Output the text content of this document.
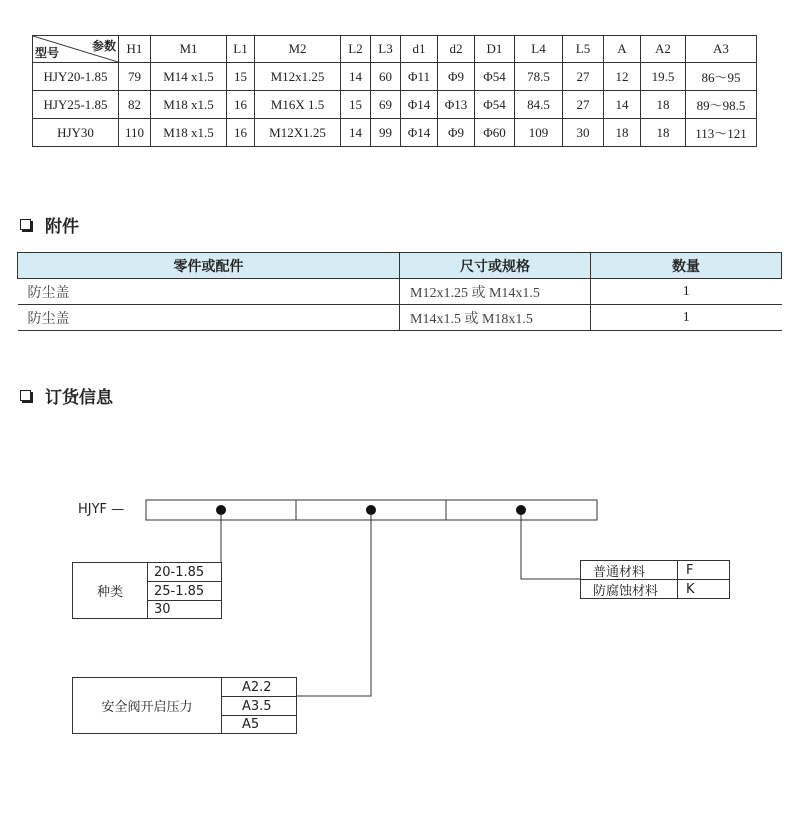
参数
型号	H1	M1	L1	M2	L2	L3	d1	d2	D1	L4	L5	A	A2	A3
HJY20-1.85	79	M14 x1.5	15	M12x1.25	14	60	Φ11	Φ9	Φ54	78.5	27	12	19.5	86～95
HJY25-1.85	82	M18 x1.5	16	M16X 1.5	15	69	Φ14	Φ13	Φ54	84.5	27	14	18	89～98.5
HJY30	110	M18 x1.5	16	M12X1.25	14	99	Φ14	Φ9	Φ60	109	30	18	18	113～121
附件
零件或配件	尺寸或规格	数量
防尘盖	M12x1.25 或 M14x1.5	1
防尘盖	M14x1.5 或 M18x1.5	1
订货信息
HJYF —
种类
20-1.85
25-1.85
30
安全阀开启压力
A2.2
A3.5
A5
普通材料	F
防腐蚀材料 K
